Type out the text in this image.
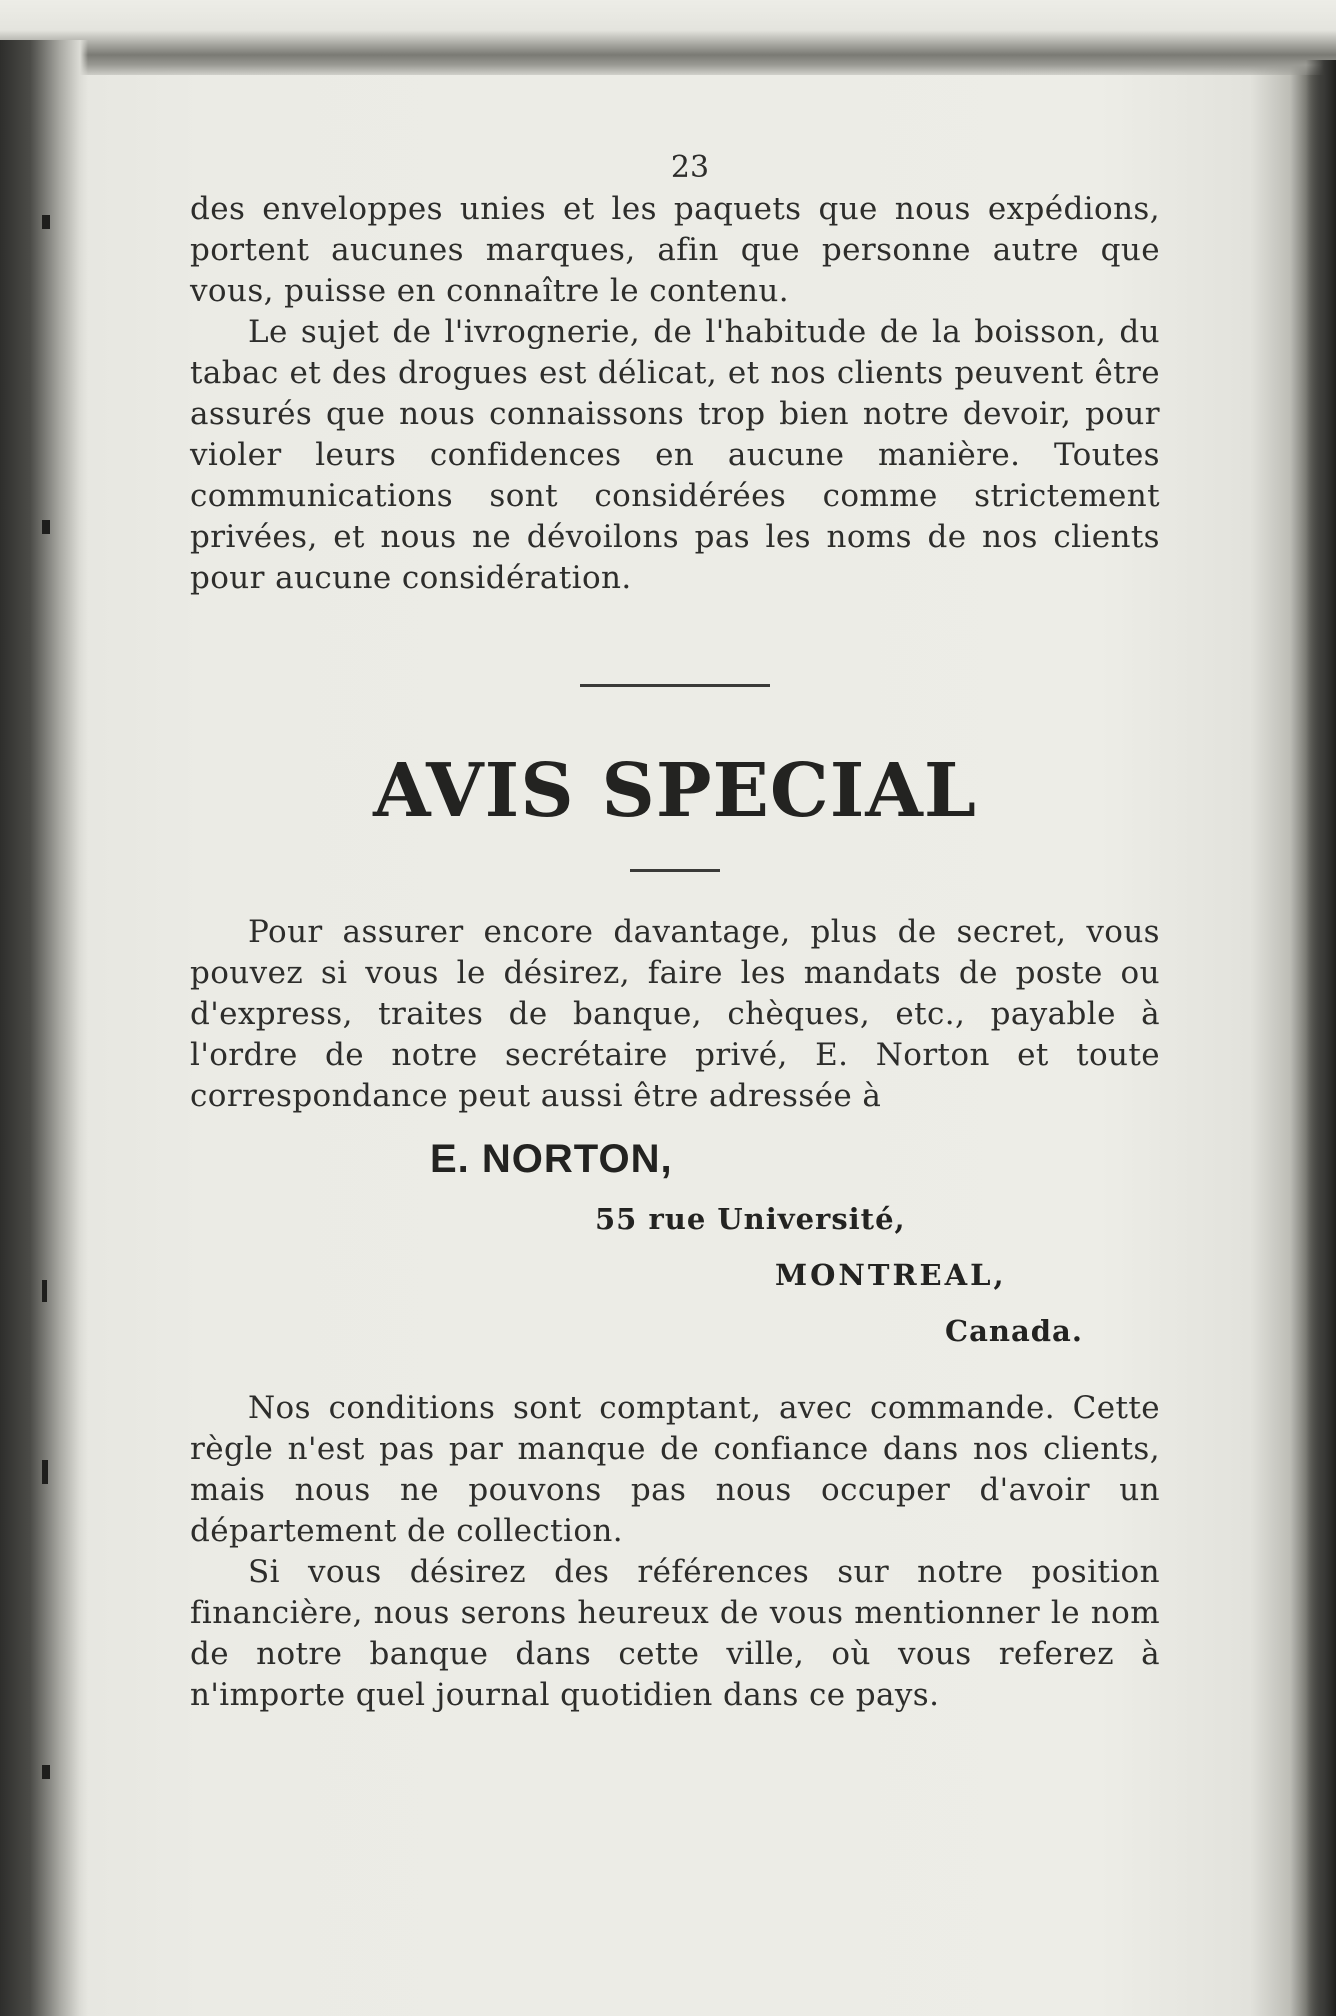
23

des enveloppes unies et les paquets que nous expédions, portent aucunes marques, afin que personne autre que vous, puisse en connaître le contenu.

Le sujet de l'ivrognerie, de l'habitude de la boisson, du tabac et des drogues est délicat, et nos clients peuvent être assurés que nous connaissons trop bien notre devoir, pour violer leurs confidences en aucune manière. Toutes communications sont considérées comme strictement privées, et nous ne dévoilons pas les noms de nos clients pour aucune considération.

AVIS SPECIAL

Pour assurer encore davantage, plus de secret, vous pouvez si vous le désirez, faire les mandats de poste ou d'express, traites de banque, chèques, etc., payable à l'ordre de notre secrétaire privé, E. Norton et toute correspondance peut aussi être adressée à

E. NORTON,
55 rue Université,
MONTREAL,
Canada.

Nos conditions sont comptant, avec commande. Cette règle n'est pas par manque de confiance dans nos clients, mais nous ne pouvons pas nous occuper d'avoir un département de collection.

Si vous désirez des références sur notre position financière, nous serons heureux de vous mentionner le nom de notre banque dans cette ville, où vous referez à n'importe quel journal quotidien dans ce pays.
